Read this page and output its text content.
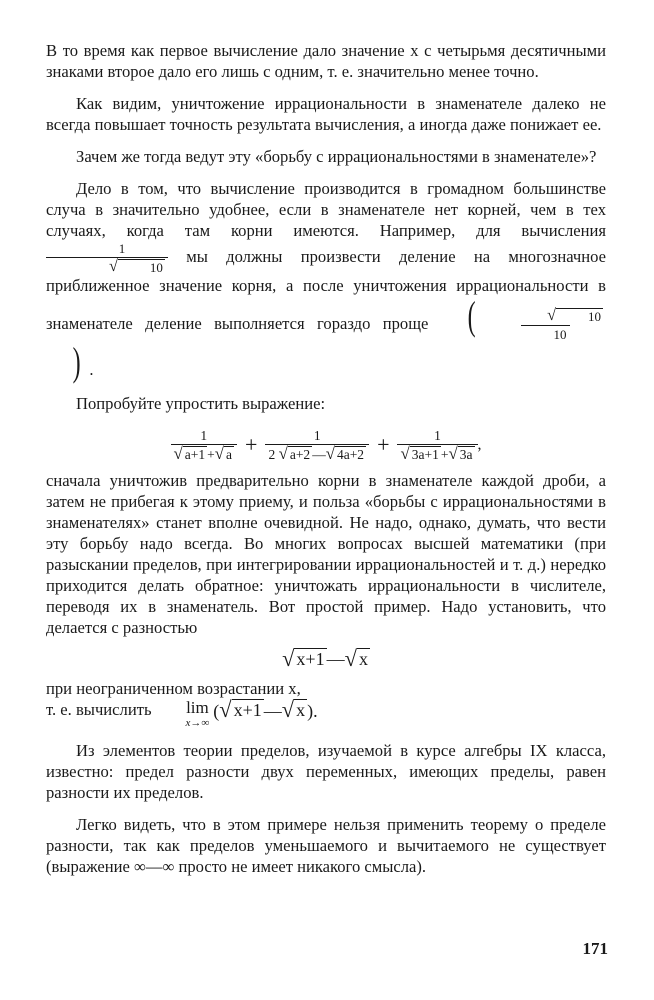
В то время как первое вычисление дало значение x с четырьмя десятичными знаками второе дало его лишь с одним, т. е. значительно менее точно.

Как видим, уничтожение иррациональности в знаменателе далеко не всегда повышает точность результата вычисления, а иногда даже понижает ее.

Зачем же тогда ведут эту «борьбу с иррациональностями в знаменателе»?

Дело в том, что вычисление производится в громадном большинстве случа в значительно удобнее, если в знаменателе нет корней, чем в тех случаях, когда там корни имеются. Например, для вычисления
1
√	10 мы должны произвести деление на многозначное приближенное значение корня, а после уничтожения иррациональности в знаменателе деление выполняется гораздо проще ( √	10
10
) .

Попробуйте упростить выражение:

$\frac{1}{√ a+1 + √ a} + \frac{1}{2 √ a+2 — √ 4a+2} + \frac{1}{√ 3a+1 + √ 3a}$ ,

сначала уничтожив предварительно корни в знаменателе каждой дроби, а затем не прибегая к этому приему, и польза «борьбы с иррациональностями в знаменателях» станет вполне очевидной. Не надо, однако, думать, что вести эту борьбу надо всегда. Во многих вопросах высшей математики (при разыскании пределов, при интегрировании иррациональностей и т. д.) нередко приходится делать обратное: уничтожать иррациональности в числителе, переводя их в знаменатель. Вот простой пример. Надо установить, что делается с разностью

√ x+1 — √ x

при неограниченном возрастании x,

т. е. вычислить lim
x→∞
( √ x+1 — √ x ).

Из элементов теории пределов, изучаемой в курсе алгебры IX класса, известно: предел разности двух переменных, имеющих пределы, равен разности их пределов.

Легко видеть, что в этом примере нельзя применить теорему о пределе разности, так как пределов уменьшаемого и вычитаемого не существует (выражение ∞—∞ просто не имеет никакого смысла).

171
